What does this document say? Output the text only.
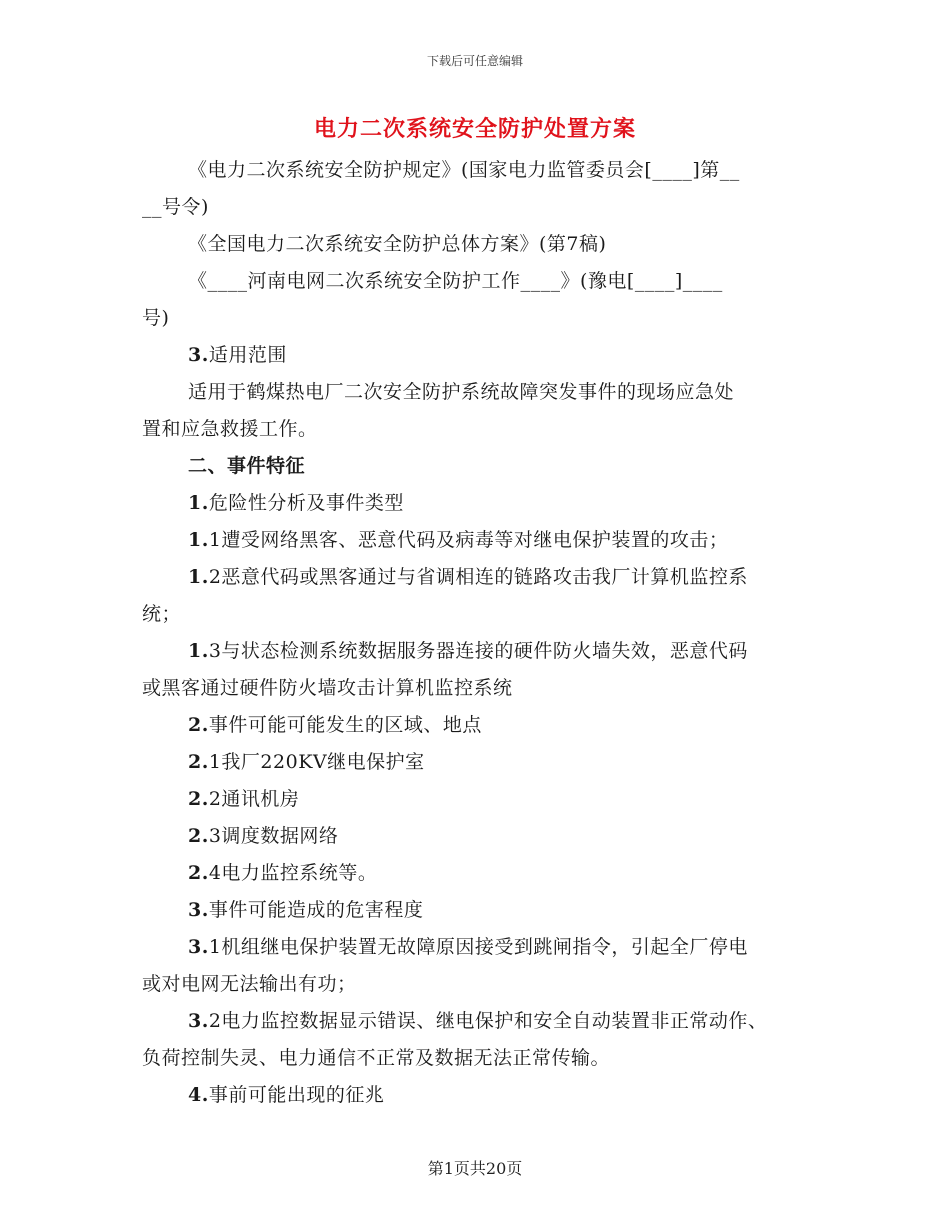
下载后可任意编辑
电力二次系统安全防护处置方案

《电力二次系统安全防护规定》(国家电力监管委员会[____]第__

__号令)

《全国电力二次系统安全防护总体方案》(第7稿)

《____河南电网二次系统安全防护工作____》(豫电[____]____

号)

3.适用范围

适用于鹤煤热电厂二次安全防护系统故障突发事件的现场应急处

置和应急救援工作。

二、事件特征

1.危险性分析及事件类型

1.1遭受网络黑客、恶意代码及病毒等对继电保护装置的攻击；

1.2恶意代码或黑客通过与省调相连的链路攻击我厂计算机监控系

统；

1.3与状态检测系统数据服务器连接的硬件防火墙失效，恶意代码

或黑客通过硬件防火墙攻击计算机监控系统

2.事件可能可能发生的区域、地点

2.1我厂220KV继电保护室

2.2通讯机房

2.3调度数据网络

2.4电力监控系统等。

3.事件可能造成的危害程度

3.1机组继电保护装置无故障原因接受到跳闸指令，引起全厂停电

或对电网无法输出有功；

3.2电力监控数据显示错误、继电保护和安全自动装置非正常动作、

负荷控制失灵、电力通信不正常及数据无法正常传输。

4.事前可能出现的征兆

第1页共20页
